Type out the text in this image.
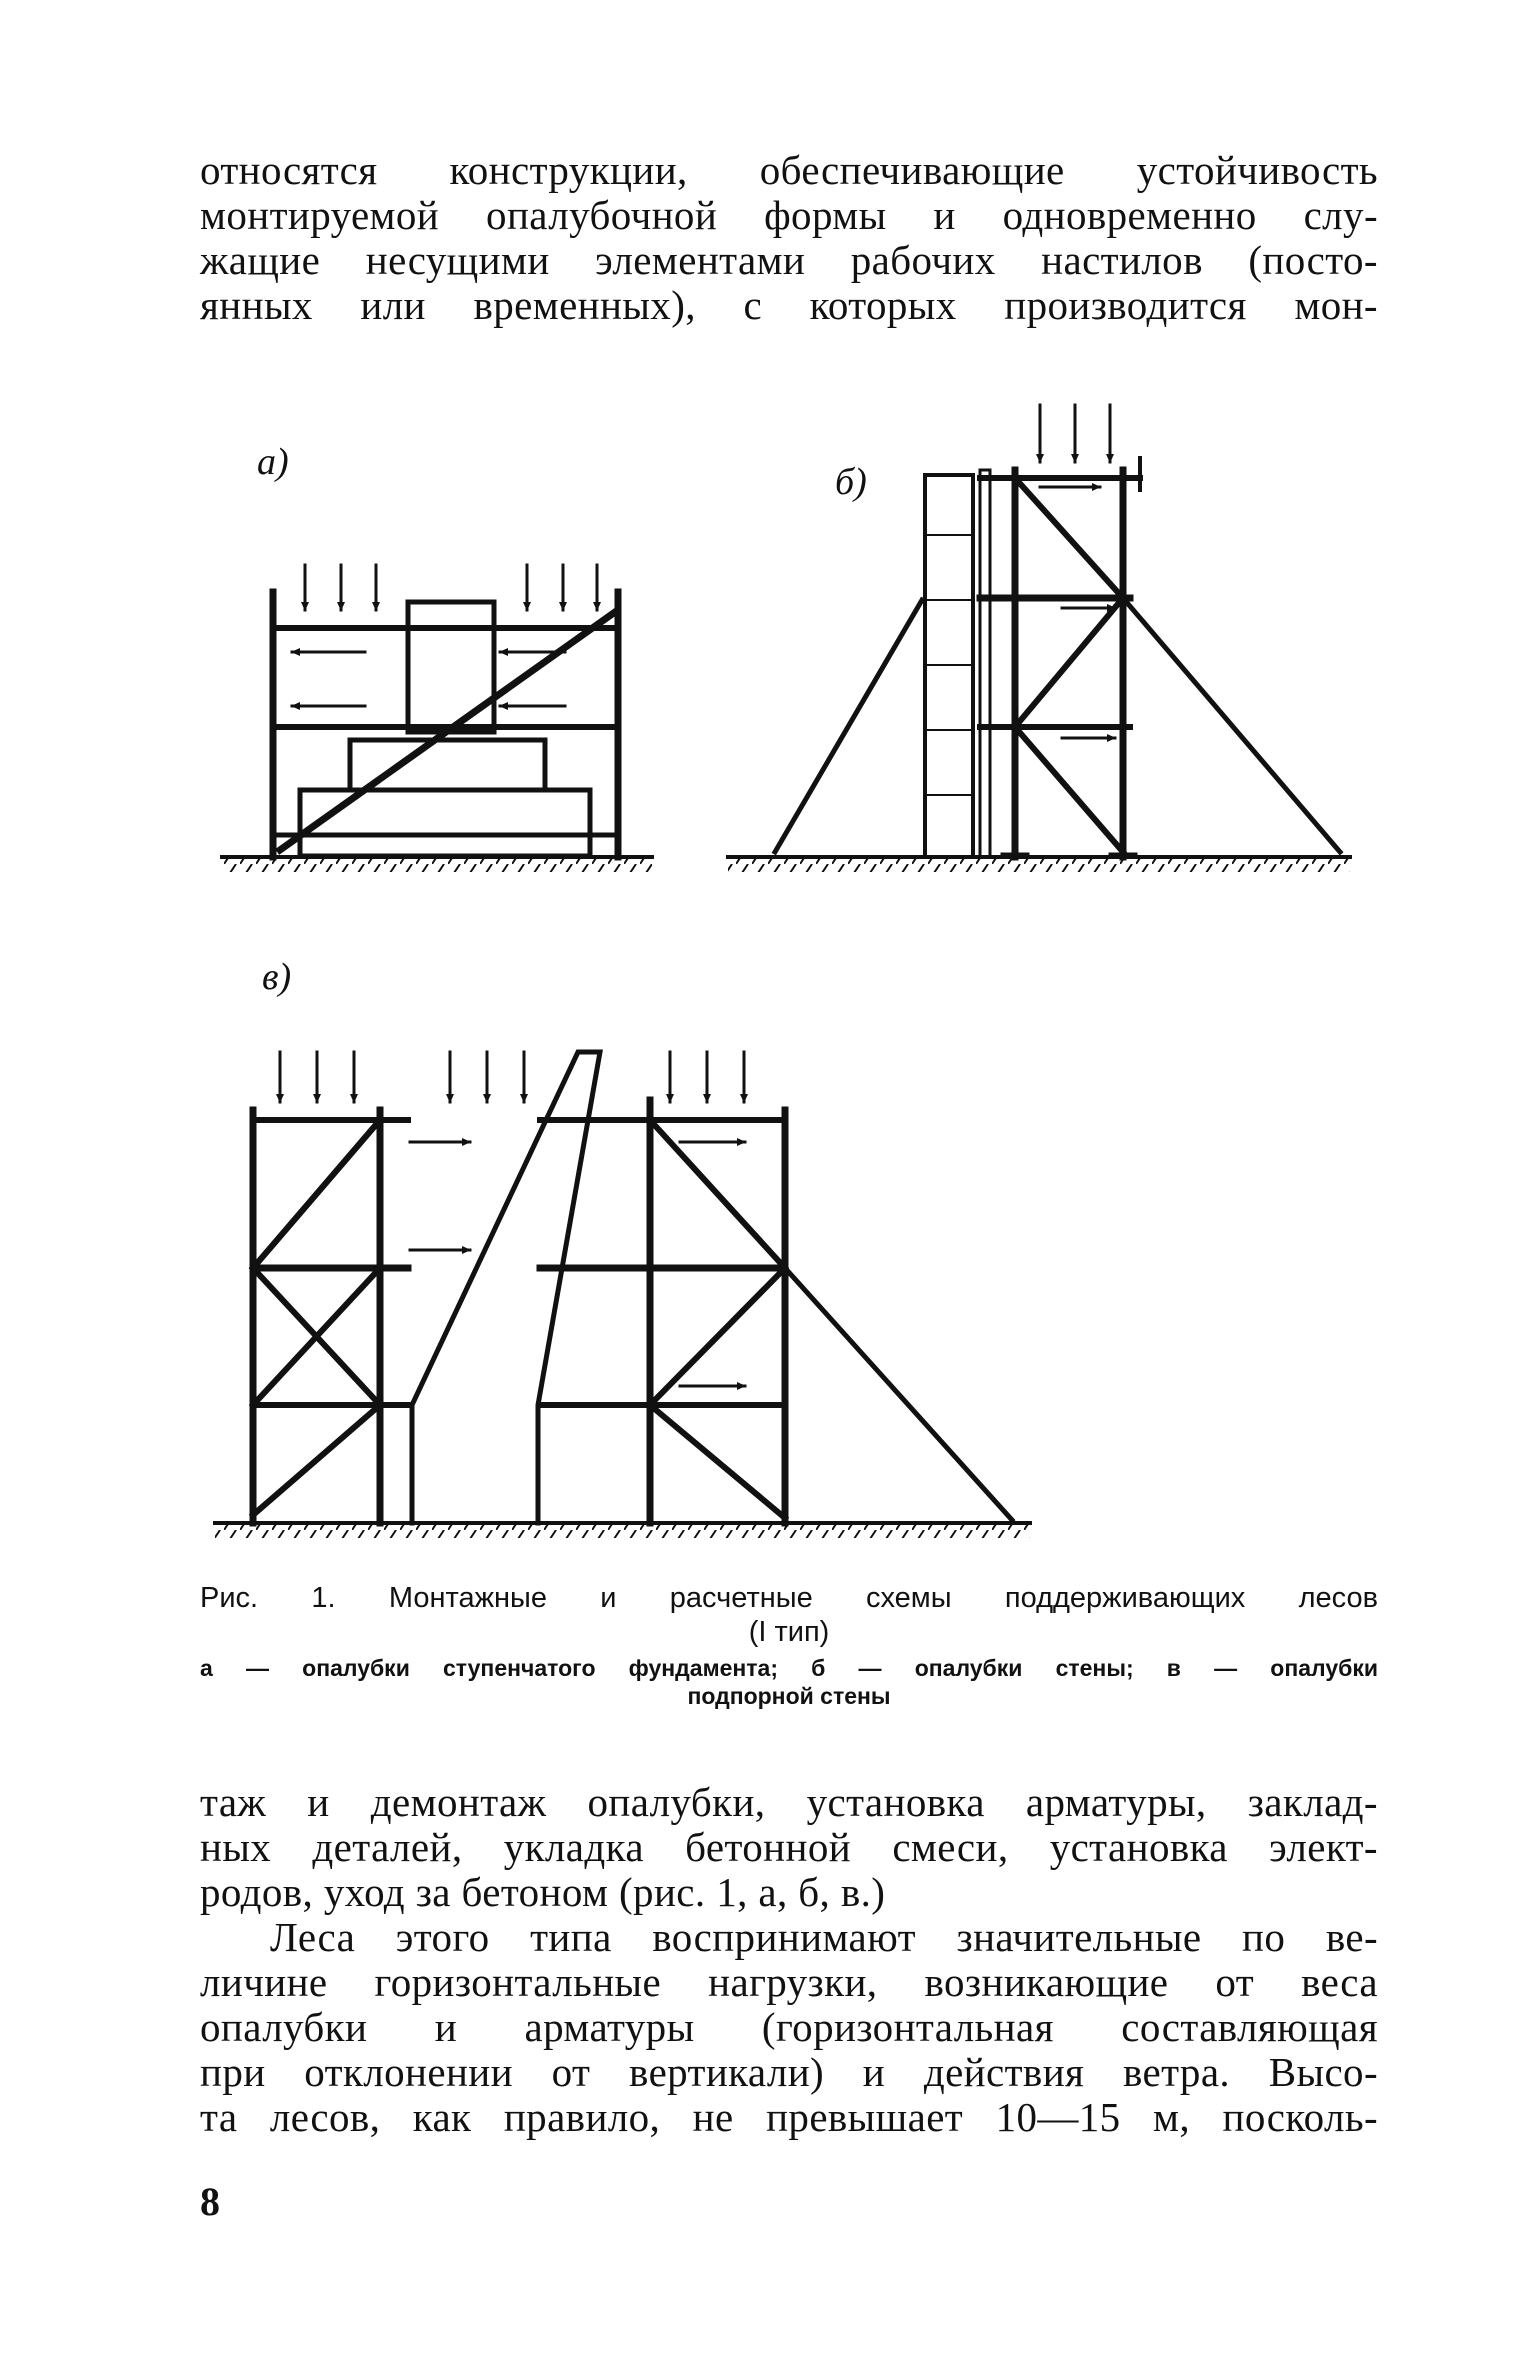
относятся конструкции, обеспечивающие устойчивость
монтируемой опалубочной формы и одновременно слу-
жащие несущими элементами рабочих настилов (посто-
янных или временных), с которых производится мон-
а)	б)
в)
Рис. 1. Монтажные и расчетные схемы поддерживающих лесов
(I тип)
а — опалубки ступенчатого фундамента; б — опалубки стены; в — опалубки
подпорной стены
таж и демонтаж опалубки, установка арматуры, заклад-
ных деталей, укладка бетонной смеси, установка элект-
родов, уход за бетоном (рис. 1, а, б, в.)
Леса этого типа воспринимают значительные по ве-
личине горизонтальные нагрузки, возникающие от веса
опалубки и арматуры (горизонтальная составляющая
при отклонении от вертикали) и действия ветра. Высо-
та лесов, как правило, не превышает 10—15 м, посколь-
8
